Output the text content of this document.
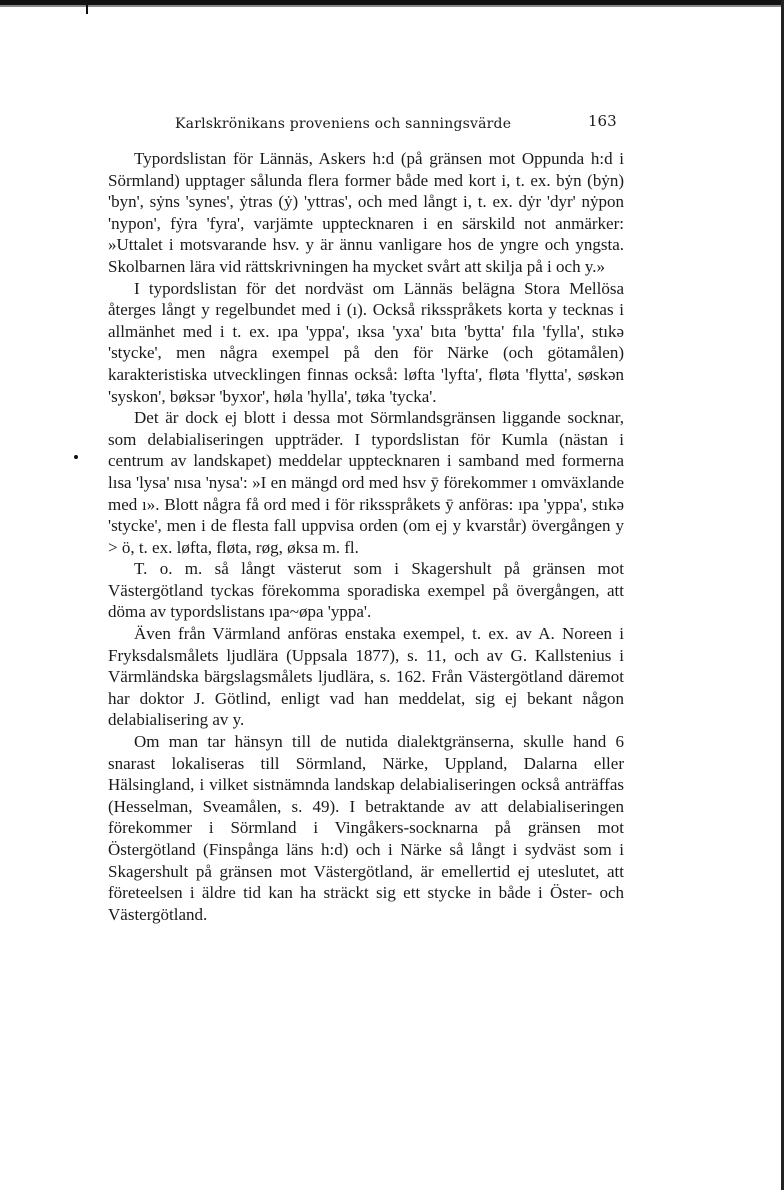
Karlskrönikans proveniens och sanningsvärde	163

Typordslistan för Lännäs, Askers h:d (på gränsen mot Oppunda h:d i Sörmland) upptager sålunda flera former både med kort i, t. ex. bẏn (bẏn) 'byn', sẏns 'synes', ẏtras (ẏ) 'yttras', och med långt i, t. ex. dẏr 'dyr' nẏpon 'nypon', fẏra 'fyra', varjämte upptecknaren i en särskild not anmärker: »Uttalet i motsvarande hsv. y är ännu vanligare hos de yngre och yngsta. Skolbarnen lära vid rättskrivningen ha mycket svårt att skilja på i och y.»

I typordslistan för det nordväst om Lännäs belägna Stora Mellösa återges långt y regelbundet med i (ı). Också riksspråkets korta y tecknas i allmänhet med i t. ex. ıpa 'yppa', ıksa 'yxa' bıta 'bytta' fıla 'fylla', stıkə 'stycke', men några exempel på den för Närke (och götamålen) karakteristiska utvecklingen finnas också: løfta 'lyfta', fløta 'flytta', søskən 'syskon', bøksər 'byxor', høla 'hylla', tøka 'tycka'.

Det är dock ej blott i dessa mot Sörmlandsgränsen liggande socknar, som delabialiseringen uppträder. I typordslistan för Kumla (nästan i centrum av landskapet) meddelar upptecknaren i samband med formerna lısa 'lysa' nısa 'nysa': »I en mängd ord med hsv ȳ förekommer ı omväxlande med ı». Blott några få ord med i för riksspråkets ȳ anföras: ıpa 'yppa', stıkə 'stycke', men i de flesta fall uppvisa orden (om ej y kvarstår) övergången y > ö, t. ex. løfta, fløta, røg, øksa m. fl.

T. o. m. så långt västerut som i Skagershult på gränsen mot Västergötland tyckas förekomma sporadiska exempel på övergången, att döma av typordslistans ıpa~øpa 'yppa'.

Även från Värmland anföras enstaka exempel, t. ex. av A. Noreen i Fryksdalsmålets ljudlära (Uppsala 1877), s. 11, och av G. Kallstenius i Värmländska bärgslagsmålets ljudlära, s. 162. Från Västergötland däremot har doktor J. Götlind, enligt vad han meddelat, sig ej bekant någon delabialisering av y.

Om man tar hänsyn till de nutida dialektgränserna, skulle hand 6 snarast lokaliseras till Sörmland, Närke, Uppland, Dalarna eller Hälsingland, i vilket sistnämnda landskap delabialiseringen också anträffas (Hesselman, Sveamålen, s. 49). I betraktande av att delabialiseringen förekommer i Sörmland i Vingåkers-socknarna på gränsen mot Östergötland (Finspånga läns h:d) och i Närke så långt i sydväst som i Skagershult på gränsen mot Västergötland, är emellertid ej uteslutet, att företeelsen i äldre tid kan ha sträckt sig ett stycke in både i Öster- och Västergötland.
